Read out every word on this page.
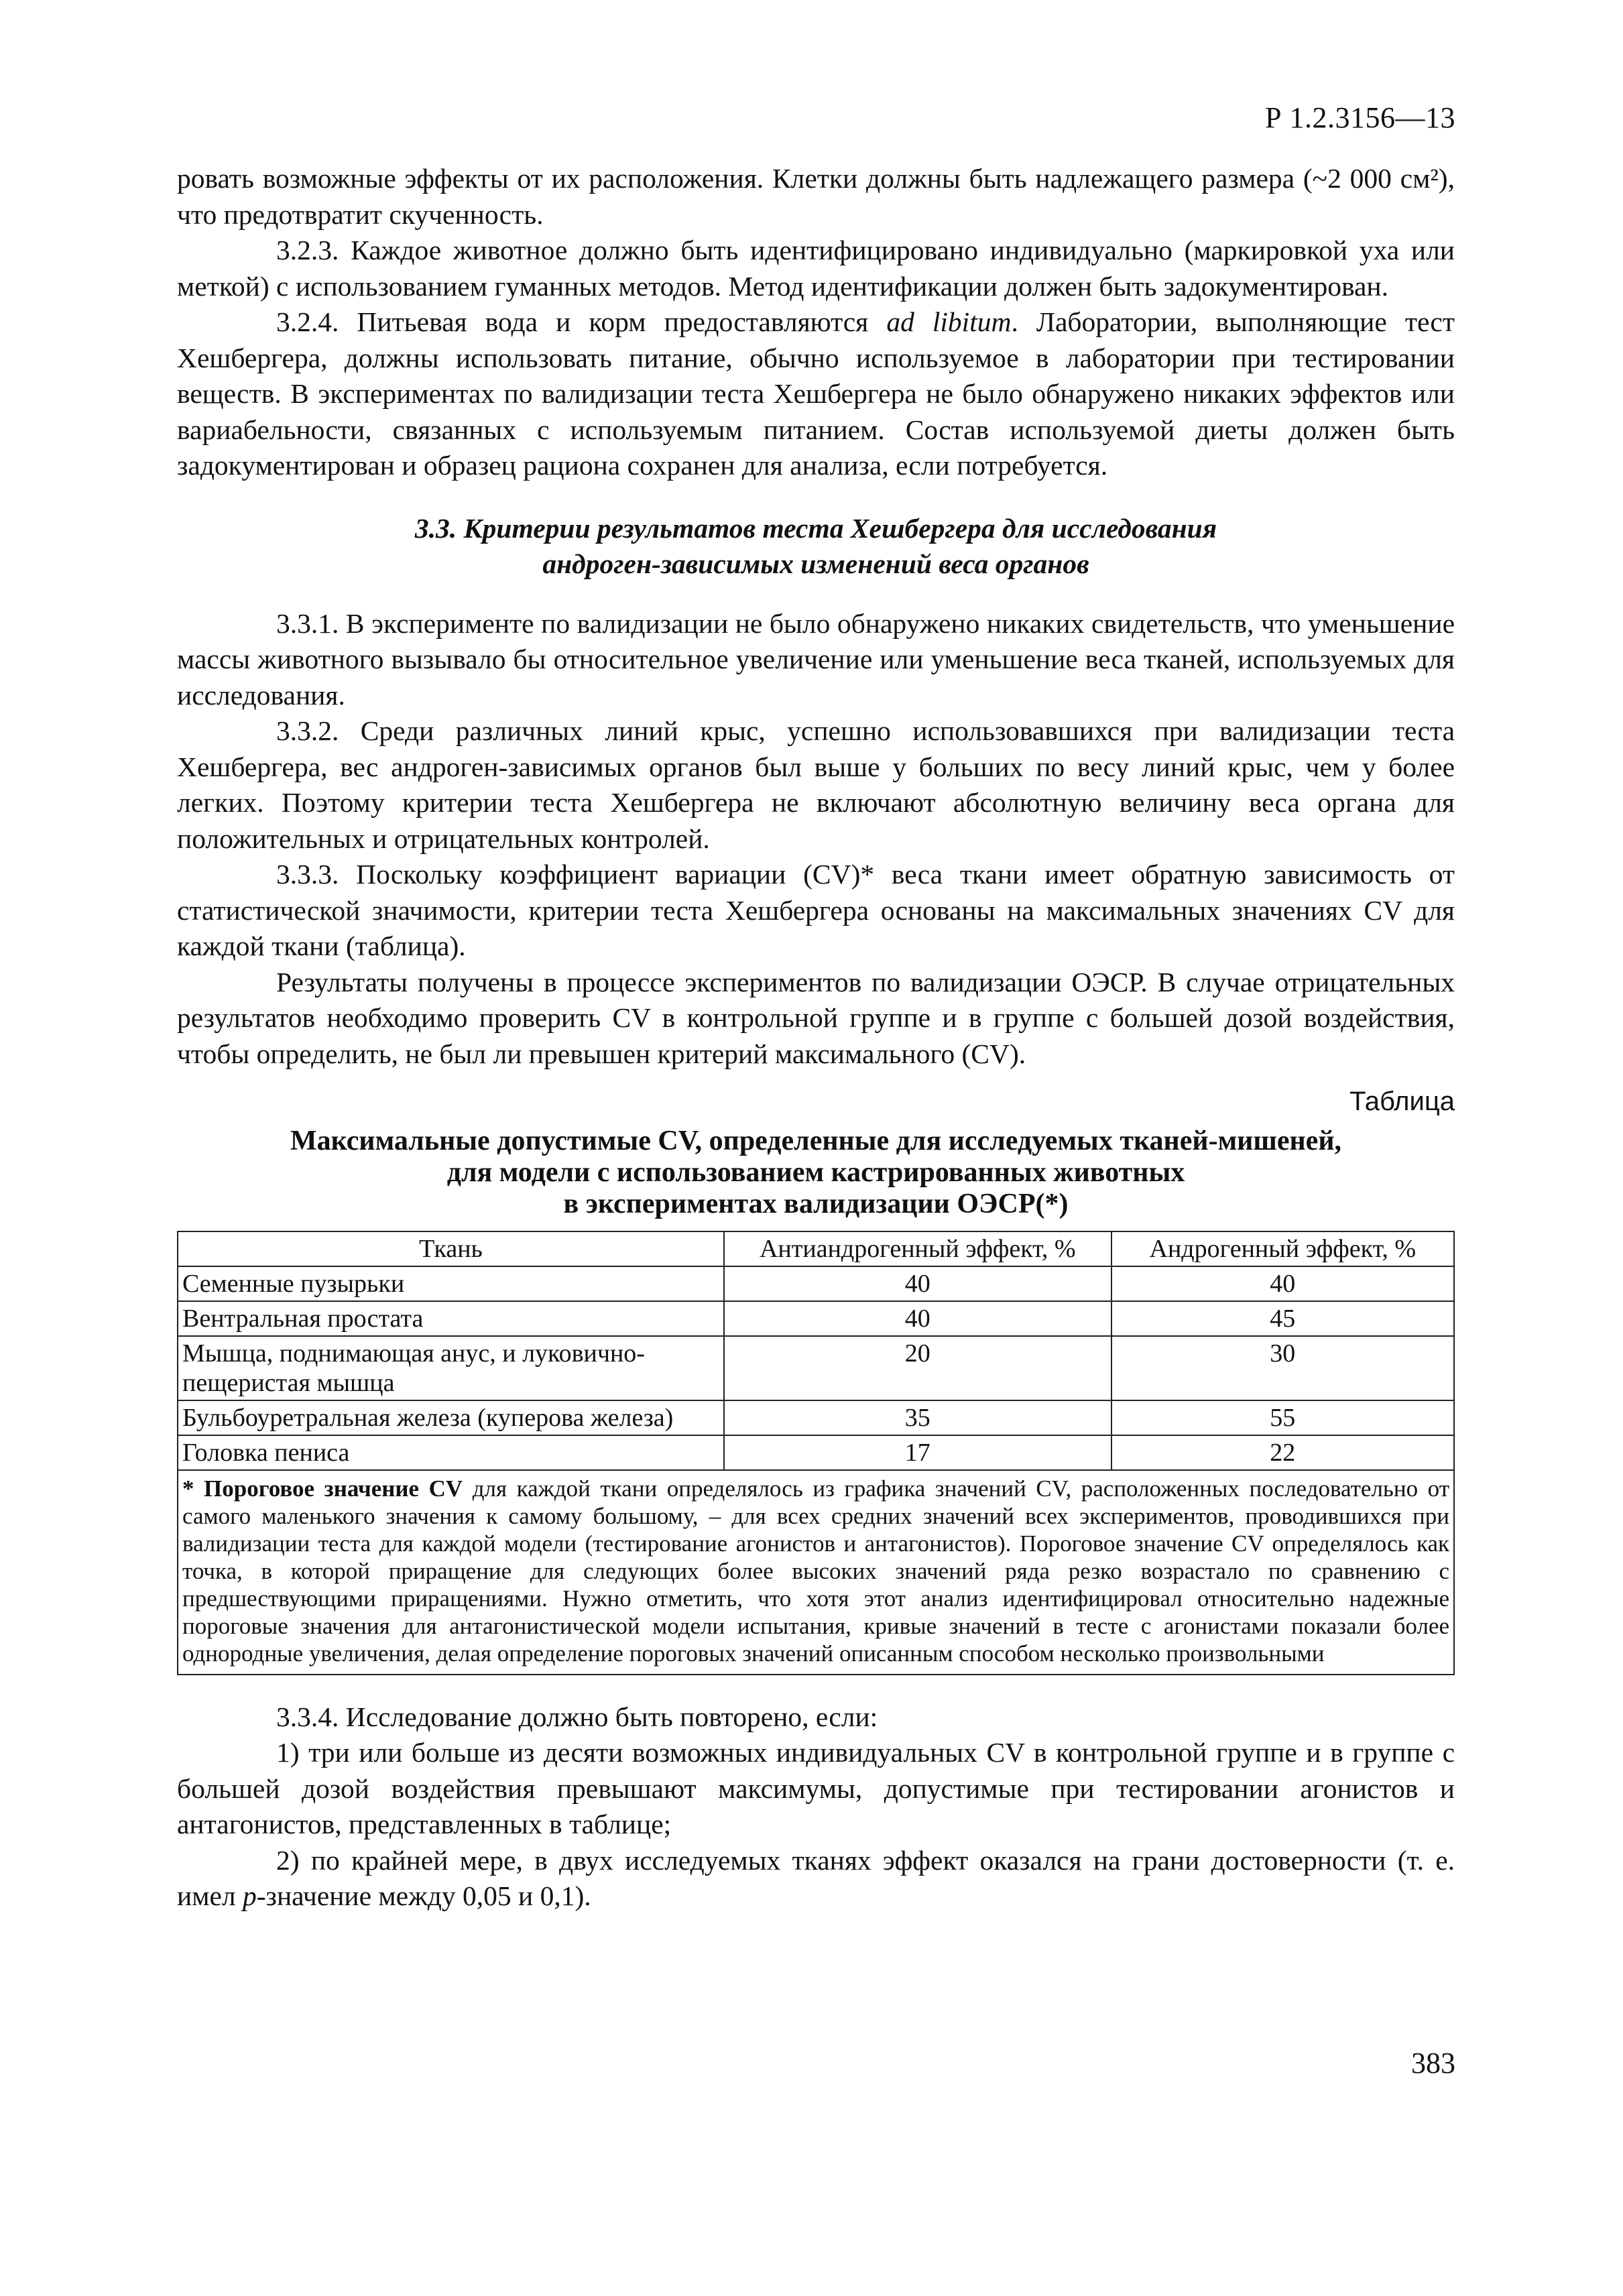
Р 1.2.3156—13

ровать возможные эффекты от их расположения. Клетки должны быть надлежащего размера (~2 000 см²), что предотвратит скученность.

3.2.3. Каждое животное должно быть идентифицировано индивидуально (маркировкой уха или меткой) с использованием гуманных методов. Метод идентификации должен быть задокументирован.

3.2.4. Питьевая вода и корм предоставляются ad libitum. Лаборатории, выполняющие тест Хешбергера, должны использовать питание, обычно используемое в лаборатории при тестировании веществ. В экспериментах по валидизации теста Хешбергера не было обнаружено никаких эффектов или вариабельности, связанных с используемым питанием. Состав используемой диеты должен быть задокументирован и образец рациона сохранен для анализа, если потребуется.

3.3. Критерии результатов теста Хешбергера для исследования
андроген-зависимых изменений веса органов

3.3.1. В эксперименте по валидизации не было обнаружено никаких свидетельств, что уменьшение массы животного вызывало бы относительное увеличение или уменьшение веса тканей, используемых для исследования.

3.3.2. Среди различных линий крыс, успешно использовавшихся при валидизации теста Хешбергера, вес андроген-зависимых органов был выше у больших по весу линий крыс, чем у более легких. Поэтому критерии теста Хешбергера не включают абсолютную величину веса органа для положительных и отрицательных контролей.

3.3.3. Поскольку коэффициент вариации (CV)* веса ткани имеет обратную зависимость от статистической значимости, критерии теста Хешбергера основаны на максимальных значениях CV для каждой ткани (таблица).

Результаты получены в процессе экспериментов по валидизации ОЭСР. В случае отрицательных результатов необходимо проверить CV в контрольной группе и в группе с большей дозой воздействия, чтобы определить, не был ли превышен критерий максимального (CV).

Таблица

Максимальные допустимые CV, определенные для исследуемых тканей-мишеней,
для модели с использованием кастрированных животных
в экспериментах валидизации ОЭСР(*)

Ткань	Антиандрогенный эффект, %	Андрогенный эффект, %
Семенные пузырьки	40	40
Вентральная простата	40	45
Мышца, поднимающая анус, и луковично-пещеристая мышца	20	30
Бульбоуретральная железа (куперова железа)	35	55
Головка пениса	17	22
* Пороговое значение CV для каждой ткани определялось из графика значений CV, расположенных последовательно от самого маленького значения к самому большому, – для всех средних значений всех экспериментов, проводившихся при валидизации теста для каждой модели (тестирование агонистов и антагонистов). Пороговое значение CV определялось как точка, в которой приращение для следующих более высоких значений ряда резко возрастало по сравнению с предшествующими приращениями. Нужно отметить, что хотя этот анализ идентифицировал относительно надежные пороговые значения для антагонистической модели испытания, кривые значений в тесте с агонистами показали более однородные увеличения, делая определение пороговых значений описанным способом несколько произвольными

3.3.4. Исследование должно быть повторено, если:

1) три или больше из десяти возможных индивидуальных CV в контрольной группе и в группе с большей дозой воздействия превышают максимумы, допустимые при тестировании агонистов и антагонистов, представленных в таблице;

2) по крайней мере, в двух исследуемых тканях эффект оказался на грани достоверности (т. е. имел p-значение между 0,05 и 0,1).

383
